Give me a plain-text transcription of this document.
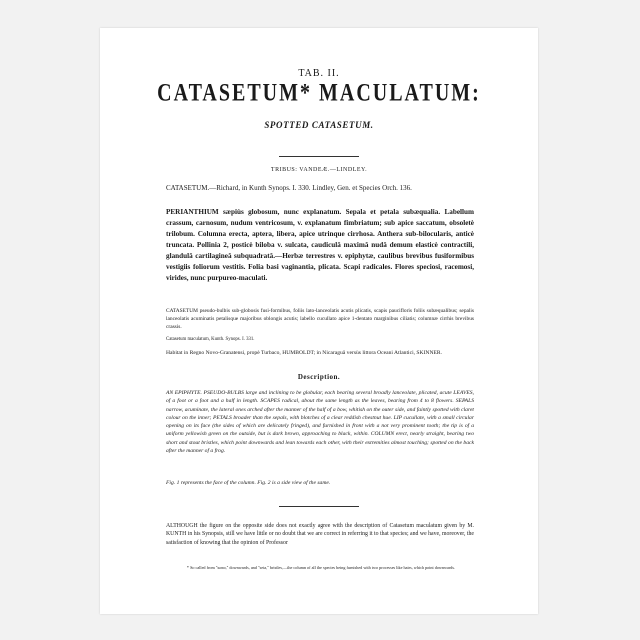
TAB. II.
CATASETUM* MACULATUM:
SPOTTED CATASETUM.
TRIBUS: VANDEÆ.—LINDLEY.
CATASETUM.—Richard, in Kunth Synops. I. 330. Lindley, Gen. et Species Orch. 136.
PERIANTHIUM sæpiùs globosum, nunc explanatum. Sepala et petala subæqualia. Labellum crassum, carnosum, nudum ventricosum, v. explanatum fimbriatum; sub apice saccatum, obsoletè trilobum. Columna erecta, aptera, libera, apice utrinque cirrhosa. Anthera sub-bilocularis, anticè truncata. Pollinia 2, posticè biloba v. sulcata, caudiculâ maximâ nudâ demum elasticè contractili, glandulâ cartilagineâ subquadratâ.—Herbæ terrestres v. epiphytæ, caulibus brevibus fusiformibus vestigiis foliorum vestitis. Folia basi vaginantia, plicata. Scapi radicales. Flores speciosi, racemosi, virides, nunc purpureo-maculati.
CATASETUM pseudo-bulbis sub-globosis fusi-formibus, foliis lato-lanceolatis acutis plicatis, scapis paucifloris foliis subæqualibus; sepalis lanceolatis acuminatis petalisque majoribus oblongis acutis; labello cucullato apice 1-dentato marginibus ciliatis; columnæ cirrhis brevibus crassis.
Catasetum maculatum, Kunth. Synops. I. 331.
Habitat in Regno Novo-Granatensi, propè Turbaco, HUMBOLDT; in Nicaraguâ versùs littora Oceani Atlantici, SKINNER.
Description.
AN EPIPHYTE. PSEUDO-BULBS large and inclining to be globular, each bearing several broadly lanceolate, plicated, acute LEAVES, of a foot or a foot and a half in length. SCAPES radical, about the same length as the leaves, bearing from 4 to 8 flowers. SEPALS narrow, acuminate, the lateral ones arched after the manner of the half of a bow, whitish on the outer side, and faintly spotted with claret colour on the inner; PETALS broader than the sepals, with blotches of a clear reddish chestnut hue. LIP cucullate, with a small circular opening on its face (the sides of which are delicately fringed), and furnished in front with a not very prominent tooth; the tip is of a uniform yellowish green on the outside, but is dark brown, approaching to black, within. COLUMN erect, nearly straight, bearing two short and stout bristles, which point downwards and lean towards each other, with their extremities almost touching; spotted on the back after the manner of a frog.
Fig. 1 represents the face of the column. Fig. 2 is a side view of the same.
ALTHOUGH the figure on the opposite side does not exactly agree with the description of Catasetum maculatum given by M. KUNTH in his Synopsis, still we have little or no doubt that we are correct in referring it to that species; and we have, moreover, the satisfaction of knowing that the opinion of Professor
* So called from "κατα," downwards, and "seta," bristles,—the column of all the species being furnished with two processes like hairs, which point downwards.
